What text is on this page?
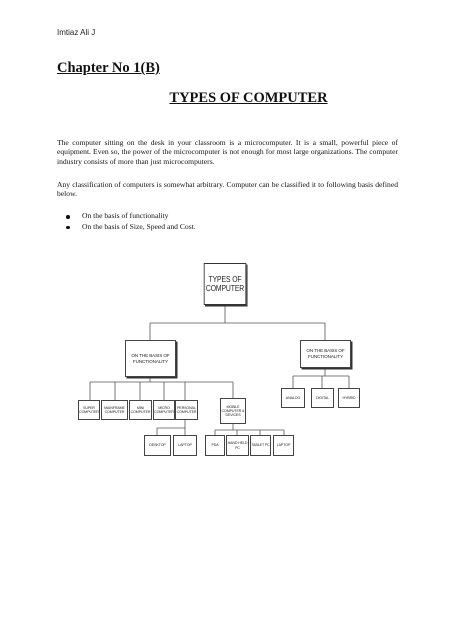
Imtiaz Ali J
Chapter No 1(B)
TYPES OF COMPUTER

The computer sitting on the desk in your classroom is a microcomputer. It is a small, powerful piece of equipment. Even so, the power of the microcomputer is not enough for most large organizations. The computer industry consists of more than just microcomputers.

Any classification of computers is somewhat arbitrary. Computer can be classified it to following basis defined below.

On the basis of functionality
On the basis of Size, Speed and Cost.
TYPES OF
COMPUTER
ON THE BASIS OF
FUNCTIONALITY
ON THE BASIS OF
FUNCTIONALITY
SUPER
COMPUTER
MAINFRAME
COMPUTER
MINI
COMPUTER
MICRO
COMPUTER
PERSONAL
COMPUTER
MOBILE
COMPUTER &
DEVICES
ANALOG	DIGITAL	HYBRID
DESKTOP	LAPTOP	PDA
HAND HELD
PC
TABLET PC	LAPTOP
